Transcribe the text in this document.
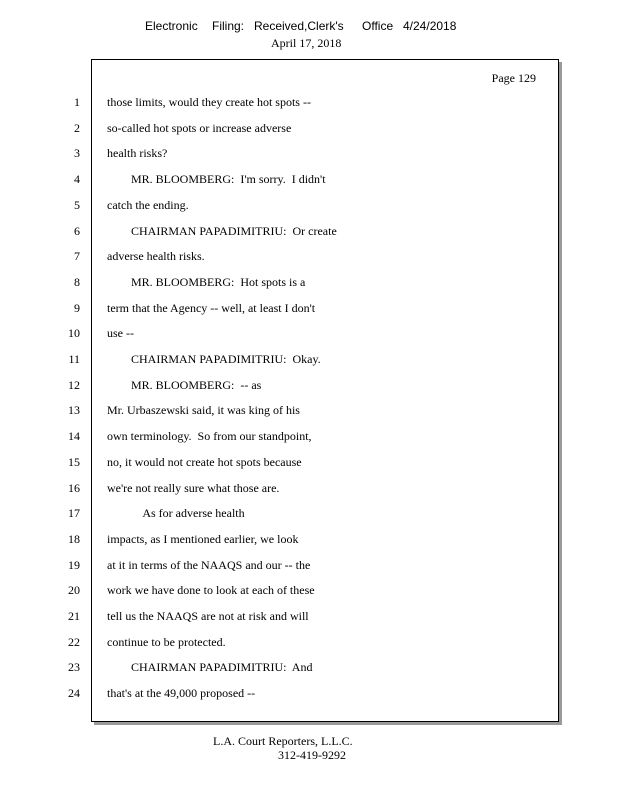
Electronic Filing: Received,Clerk's Office 4/24/2018
April 17, 2018
Page 129
1 those limits, would they create hot spots --
2 so-called hot spots or increase adverse
3 health risks?
4 MR. BLOOMBERG:  I'm sorry.  I didn't
5 catch the ending.
6 CHAIRMAN PAPADIMITRIU:  Or create
7 adverse health risks.
8 MR. BLOOMBERG:  Hot spots is a
9 term that the Agency -- well, at least I don't
10 use --
11 CHAIRMAN PAPADIMITRIU:  Okay.
12 MR. BLOOMBERG:  -- as
13 Mr. Urbaszewski said, it was king of his
14 own terminology.  So from our standpoint,
15 no, it would not create hot spots because
16 we're not really sure what those are.
17 As for adverse health
18 impacts, as I mentioned earlier, we look
19 at it in terms of the NAAQS and our -- the
20 work we have done to look at each of these
21 tell us the NAAQS are not at risk and will
22 continue to be protected.
23 CHAIRMAN PAPADIMITRIU:  And
24 that's at the 49,000 proposed --
L.A. Court Reporters, L.L.C.
312-419-9292
